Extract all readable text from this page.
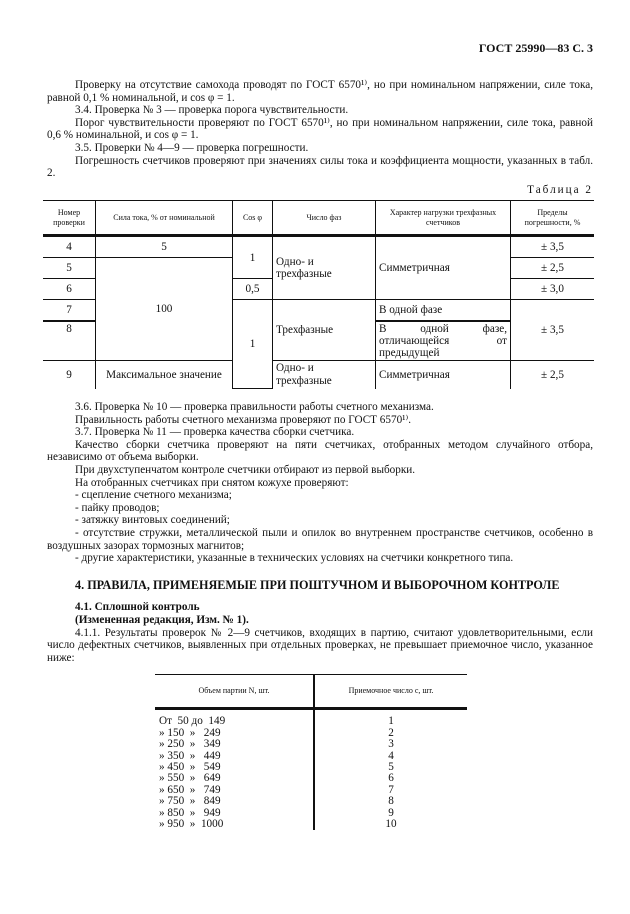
ГОСТ 25990—83 С. 3

Проверку на отсутствие самохода проводят по ГОСТ 6570¹⁾, но при номинальном напряжении, силе тока, равной 0,1 % номинальной, и cos φ = 1.

3.4. Проверка № 3 — проверка порога чувствительности.

Порог чувствительности проверяют по ГОСТ 6570¹⁾, но при номинальном напряжении, силе тока, равной 0,6 % номинальной, и cos φ = 1.

3.5. Проверки № 4—9 — проверка погрешности.

Погрешность счетчиков проверяют при значениях силы тока и коэффициента мощности, указанных в табл. 2.

Таблица 2

Номер проверки	Сила тока, % от номинальной	Cos φ	Число фаз	Характер нагрузки трехфазных счетчиков	Пределы погрешности, %
4	5	1	Одно- и трехфазные	Симметричная	± 3,5
5	100				± 2,5
6		0,5			± 3,0
7		1	Трехфазные	В одной фазе	± 3,5
8				В одной фазе, отличающейся от предыдущей	
9	Максимальное значение		Одно- и трехфазные	Симметричная	± 2,5

3.6. Проверка № 10 — проверка правильности работы счетного механизма.

Правильность работы счетного механизма проверяют по ГОСТ 6570¹⁾.

3.7. Проверка № 11 — проверка качества сборки счетчика.

Качество сборки счетчика проверяют на пяти счетчиках, отобранных методом случайного отбора, независимо от объема выборки.

При двухступенчатом контроле счетчики отбирают из первой выборки.

На отобранных счетчиках при снятом кожухе проверяют:

- сцепление счетного механизма;

- пайку проводов;

- затяжку винтовых соединений;

- отсутствие стружки, металлической пыли и опилок во внутреннем пространстве счетчиков, особенно в воздушных зазорах тормозных магнитов;

- другие характеристики, указанные в технических условиях на счетчики конкретного типа.

4. ПРАВИЛА, ПРИМЕНЯЕМЫЕ ПРИ ПОШТУЧНОМ И ВЫБОРОЧНОМ КОНТРОЛЕ

4.1. Сплошной контроль

(Измененная редакция, Изм. № 1).

4.1.1. Результаты проверок № 2—9 счетчиков, входящих в партию, считают удовлетворительными, если число дефектных счетчиков, выявленных при отдельных проверках, не превышает приемочное число, указанное ниже:

Объем партии N, шт.	Приемочное число c, шт.
От  50 до  149	1
» 150  »   249	2
» 250  »   349	3
» 350  »   449	4
» 450  »   549	5
» 550  »   649	6
» 650  »   749	7
» 750  »   849	8
» 850  »   949	9
» 950  »  1000	10
